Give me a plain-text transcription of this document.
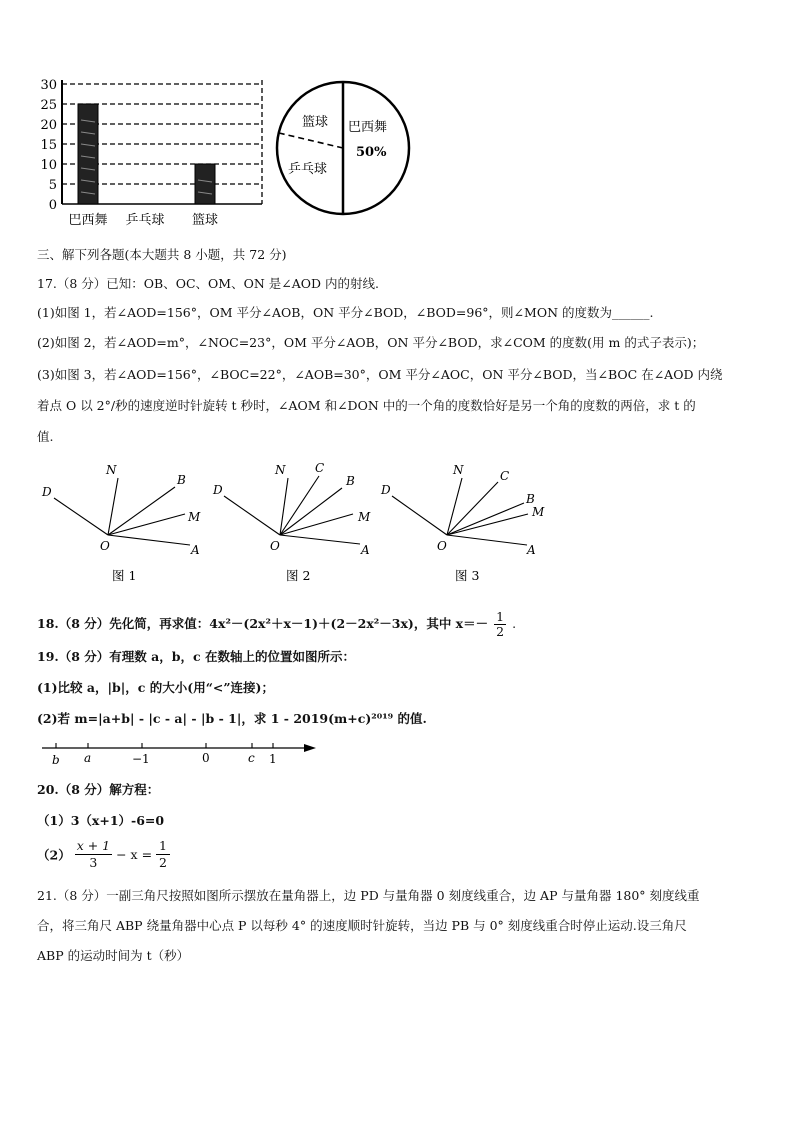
0
5
10
15
20
25
30
巴西舞 乒乓球 篮球
篮球 巴西舞
50%
乒乓球
三、解下列各题(本大题共 8 小题，共 72 分)
17.（8 分）已知：OB、OC、OM、ON 是∠AOD 内的射线.
(1)如图 1，若∠AOD=156°，OM 平分∠AOB，ON 平分∠BOD，∠BOD=96°，则∠MON 的度数为______.
(2)如图 2，若∠AOD=m°，∠NOC=23°，OM 平分∠AOB，ON 平分∠BOD，求∠COM 的度数(用 m 的式子表示)；
(3)如图 3，若∠AOD=156°，∠BOC=22°，∠AOB=30°，OM 平分∠AOC，ON 平分∠BOD，当∠BOC 在∠AOD 内绕
着点 O 以 2°/秒的速度逆时针旋转 t 秒时，∠AOM 和∠DON 中的一个角的度数恰好是另一个角的度数的两倍，求 t 的
值.
D
N
B
M
O	A
图 1
D
N C
B
M
O	A
图 2
D
N	C
B
M
O	A
图 3
18.（8 分）先化简，再求值：4x²－(2x²＋x－1)＋(2－2x²－3x)，其中 $x=- \frac{1}{2}$ .
19.（8 分）有理数 a，b，c 在数轴上的位置如图所示：
(1)比较 a，|b|，c 的大小(用“<”连接)；
(2)若 m=|a+b| - |c - a| - |b - 1|，求 1 - 2019(m+c)²⁰¹⁹ 的值.
b a	−1	0	c 1
20.（8 分）解方程：
（1）3（x+1）-6=0
$(2) \frac{x + 1}{3} - x = \frac{1}{2}$
21.（8 分）一副三角尺按照如图所示摆放在量角器上，边 PD 与量角器 0 刻度线重合，边 AP 与量角器 180° 刻度线重
合，将三角尺 ABP 绕量角器中心点 P 以每秒 4° 的速度顺时针旋转，当边 PB 与 0° 刻度线重合时停止运动.设三角尺
ABP 的运动时间为 t（秒）
